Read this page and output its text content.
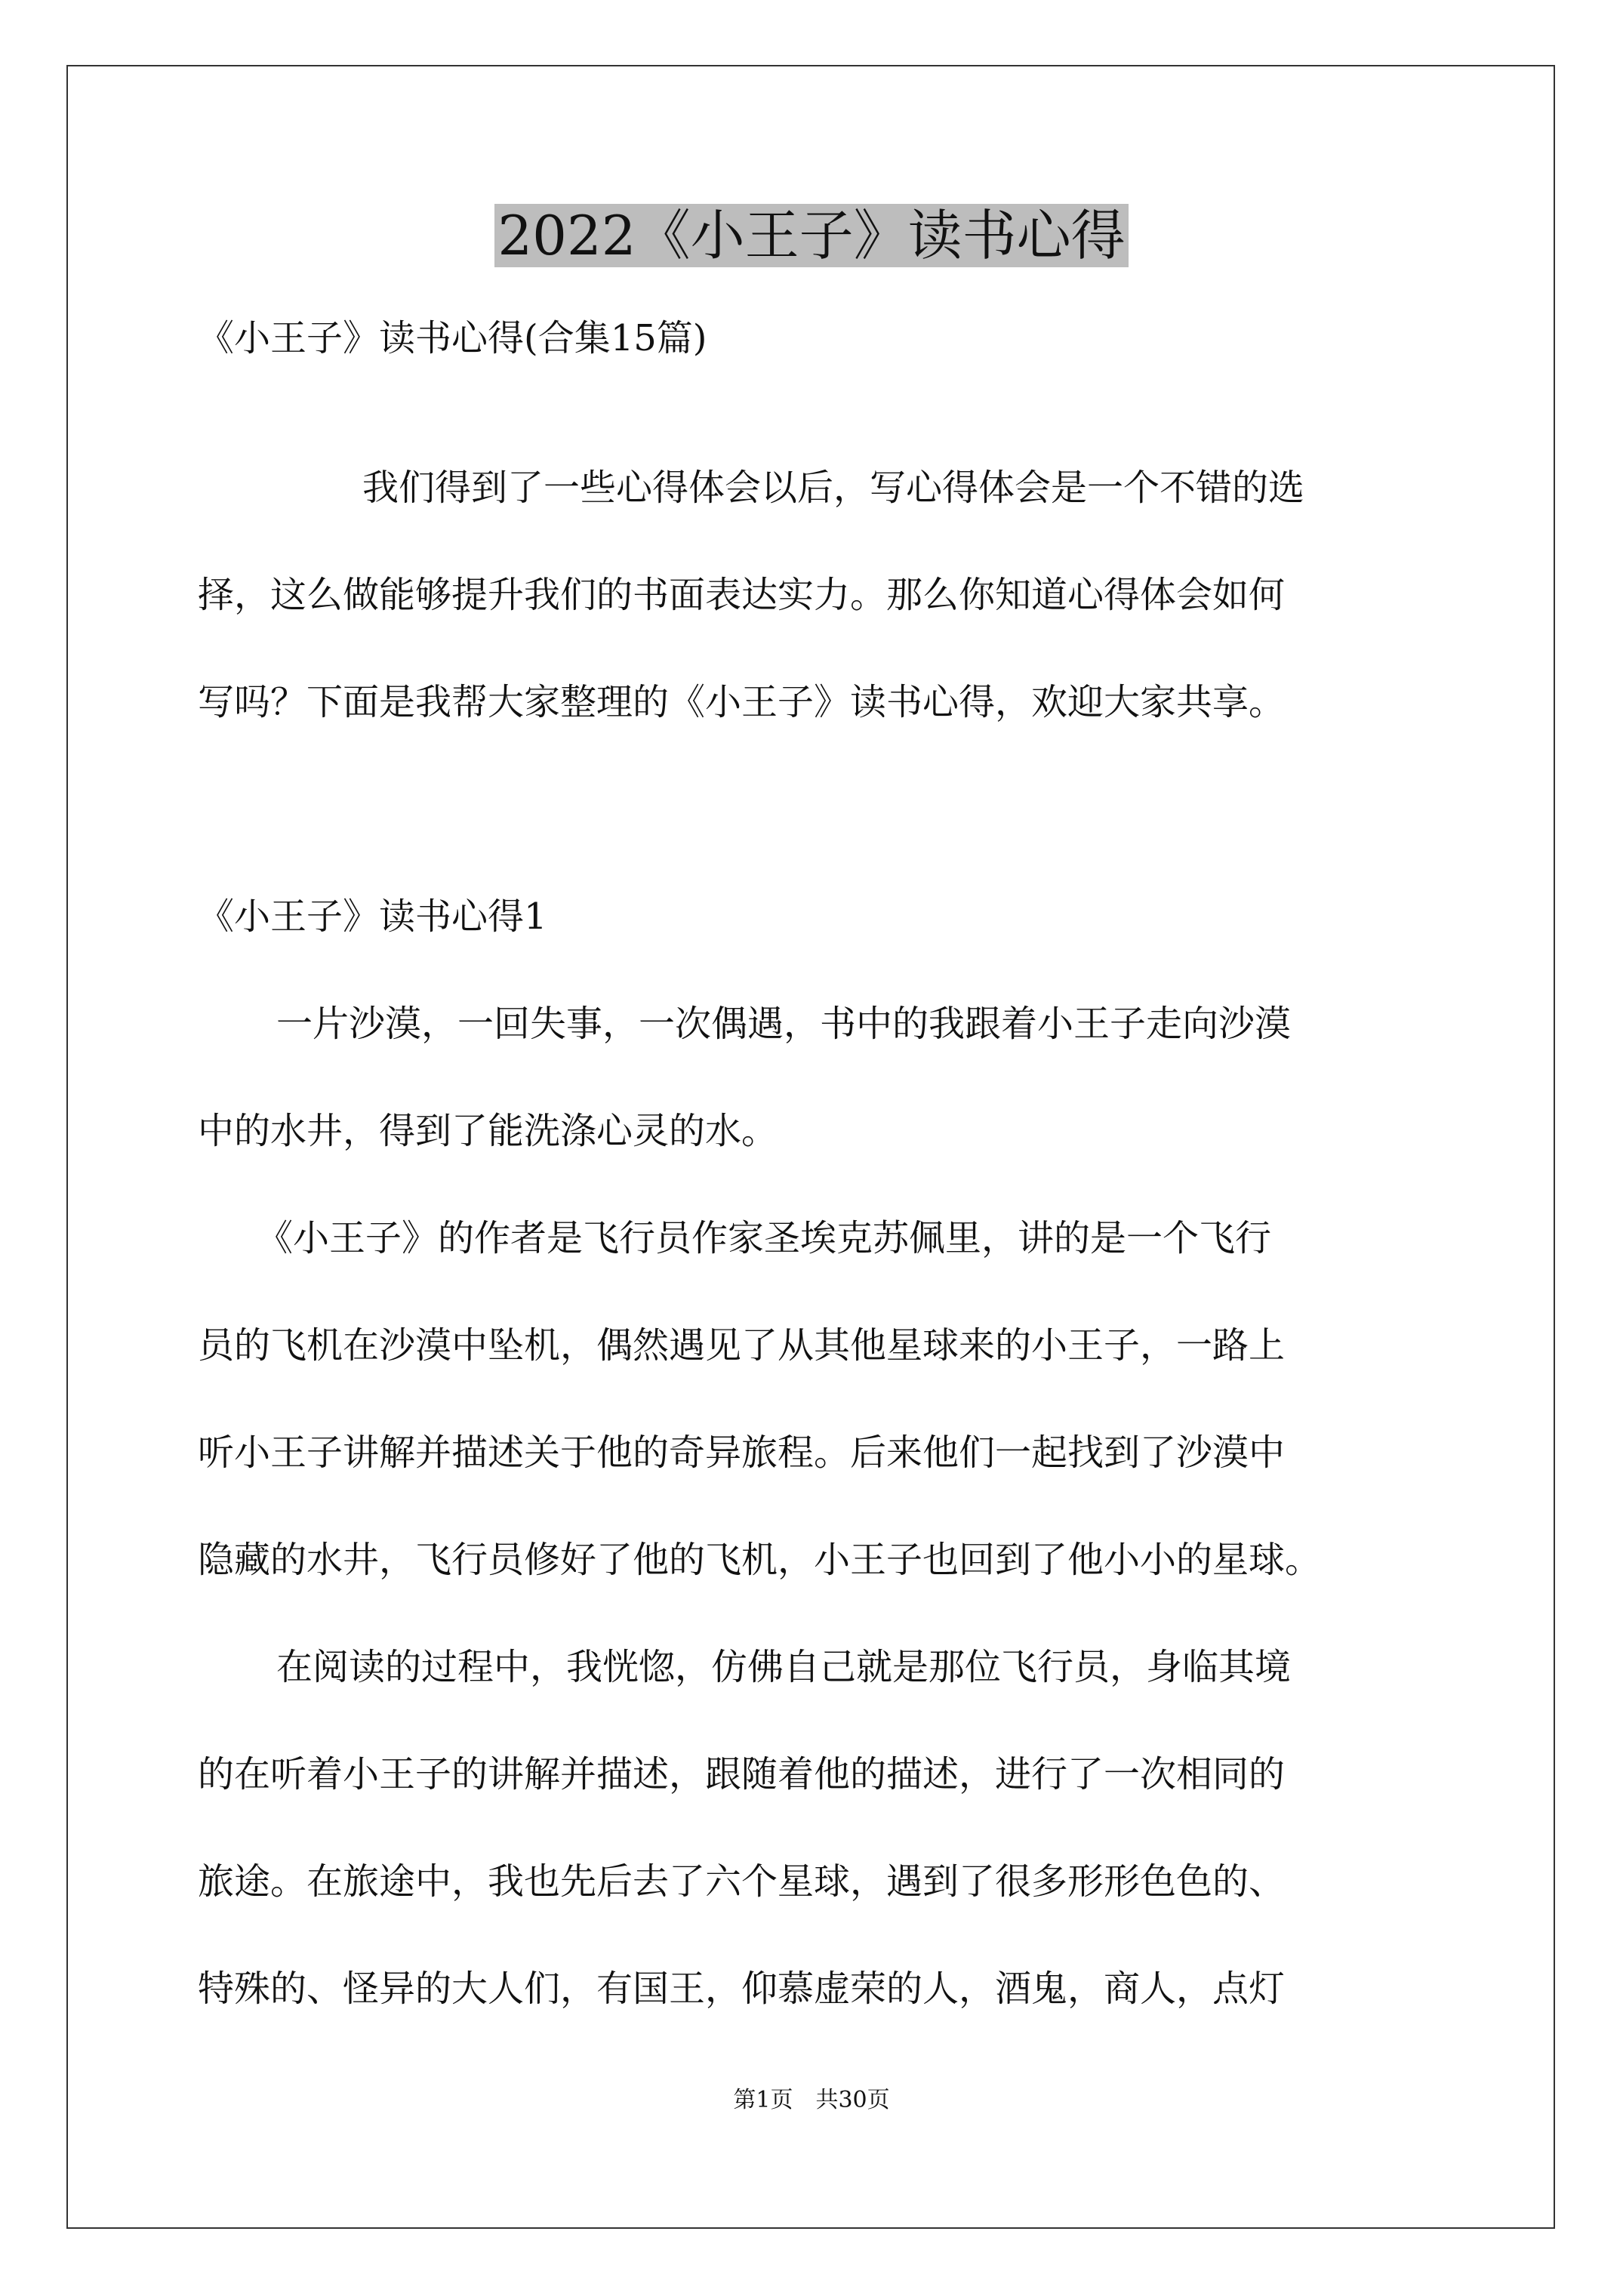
2022《小王子》读书心得
《小王子》读书心得(合集15篇)
我们得到了一些心得体会以后，写心得体会是一个不错的选
择，这么做能够提升我们的书面表达实力。那么你知道心得体会如何
写吗？下面是我帮大家整理的《小王子》读书心得，欢迎大家共享。
《小王子》读书心得1
一片沙漠，一回失事，一次偶遇，书中的我跟着小王子走向沙漠
中的水井，得到了能洗涤心灵的水。
《小王子》的作者是飞行员作家圣埃克苏佩里，讲的是一个飞行
员的飞机在沙漠中坠机，偶然遇见了从其他星球来的小王子，一路上
听小王子讲解并描述关于他的奇异旅程。后来他们一起找到了沙漠中
隐藏的水井，飞行员修好了他的飞机，小王子也回到了他小小的星球。
在阅读的过程中，我恍惚，仿佛自己就是那位飞行员，身临其境
的在听着小王子的讲解并描述，跟随着他的描述，进行了一次相同的
旅途。在旅途中，我也先后去了六个星球，遇到了很多形形色色的、
特殊的、怪异的大人们，有国王，仰慕虚荣的人，酒鬼，商人，点灯
第1页　共30页
